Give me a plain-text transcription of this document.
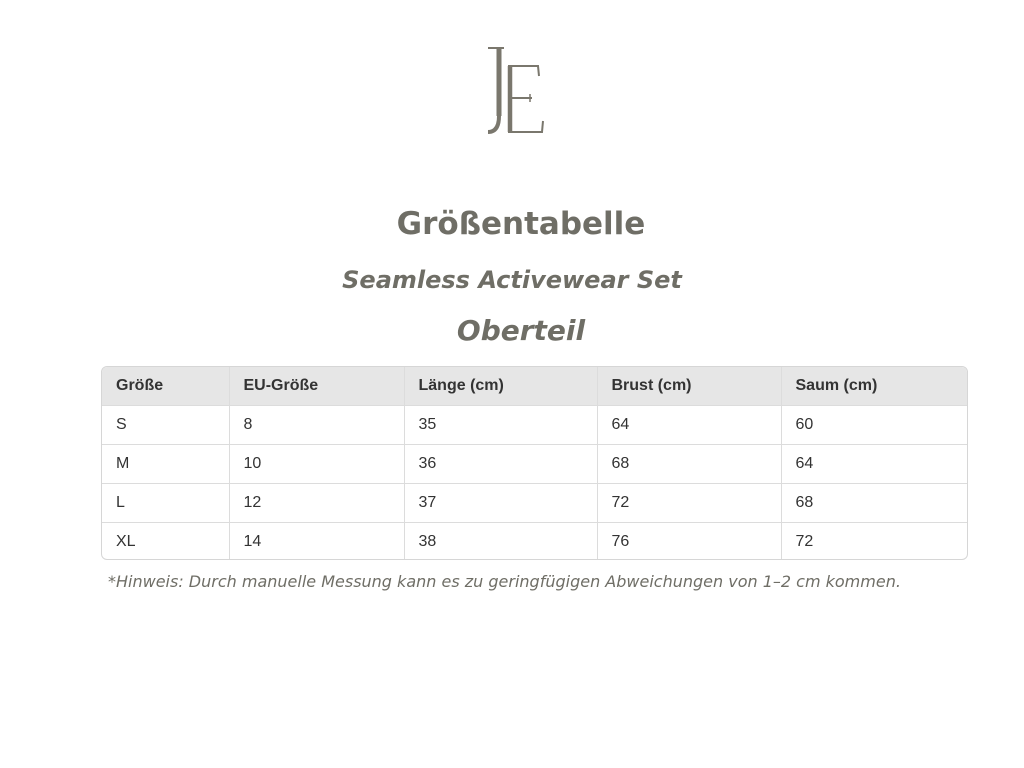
Größentabelle
Seamless Activewear Set
Oberteil
Größe	EU-Größe	Länge (cm)	Brust (cm)	Saum (cm)
S	8	35	64	60
M	10	36	68	64
L	12	37	72	68
XL	14	38	76	72

*Hinweis: Durch manuelle Messung kann es zu geringfügigen Abweichungen von 1–2 cm kommen.
